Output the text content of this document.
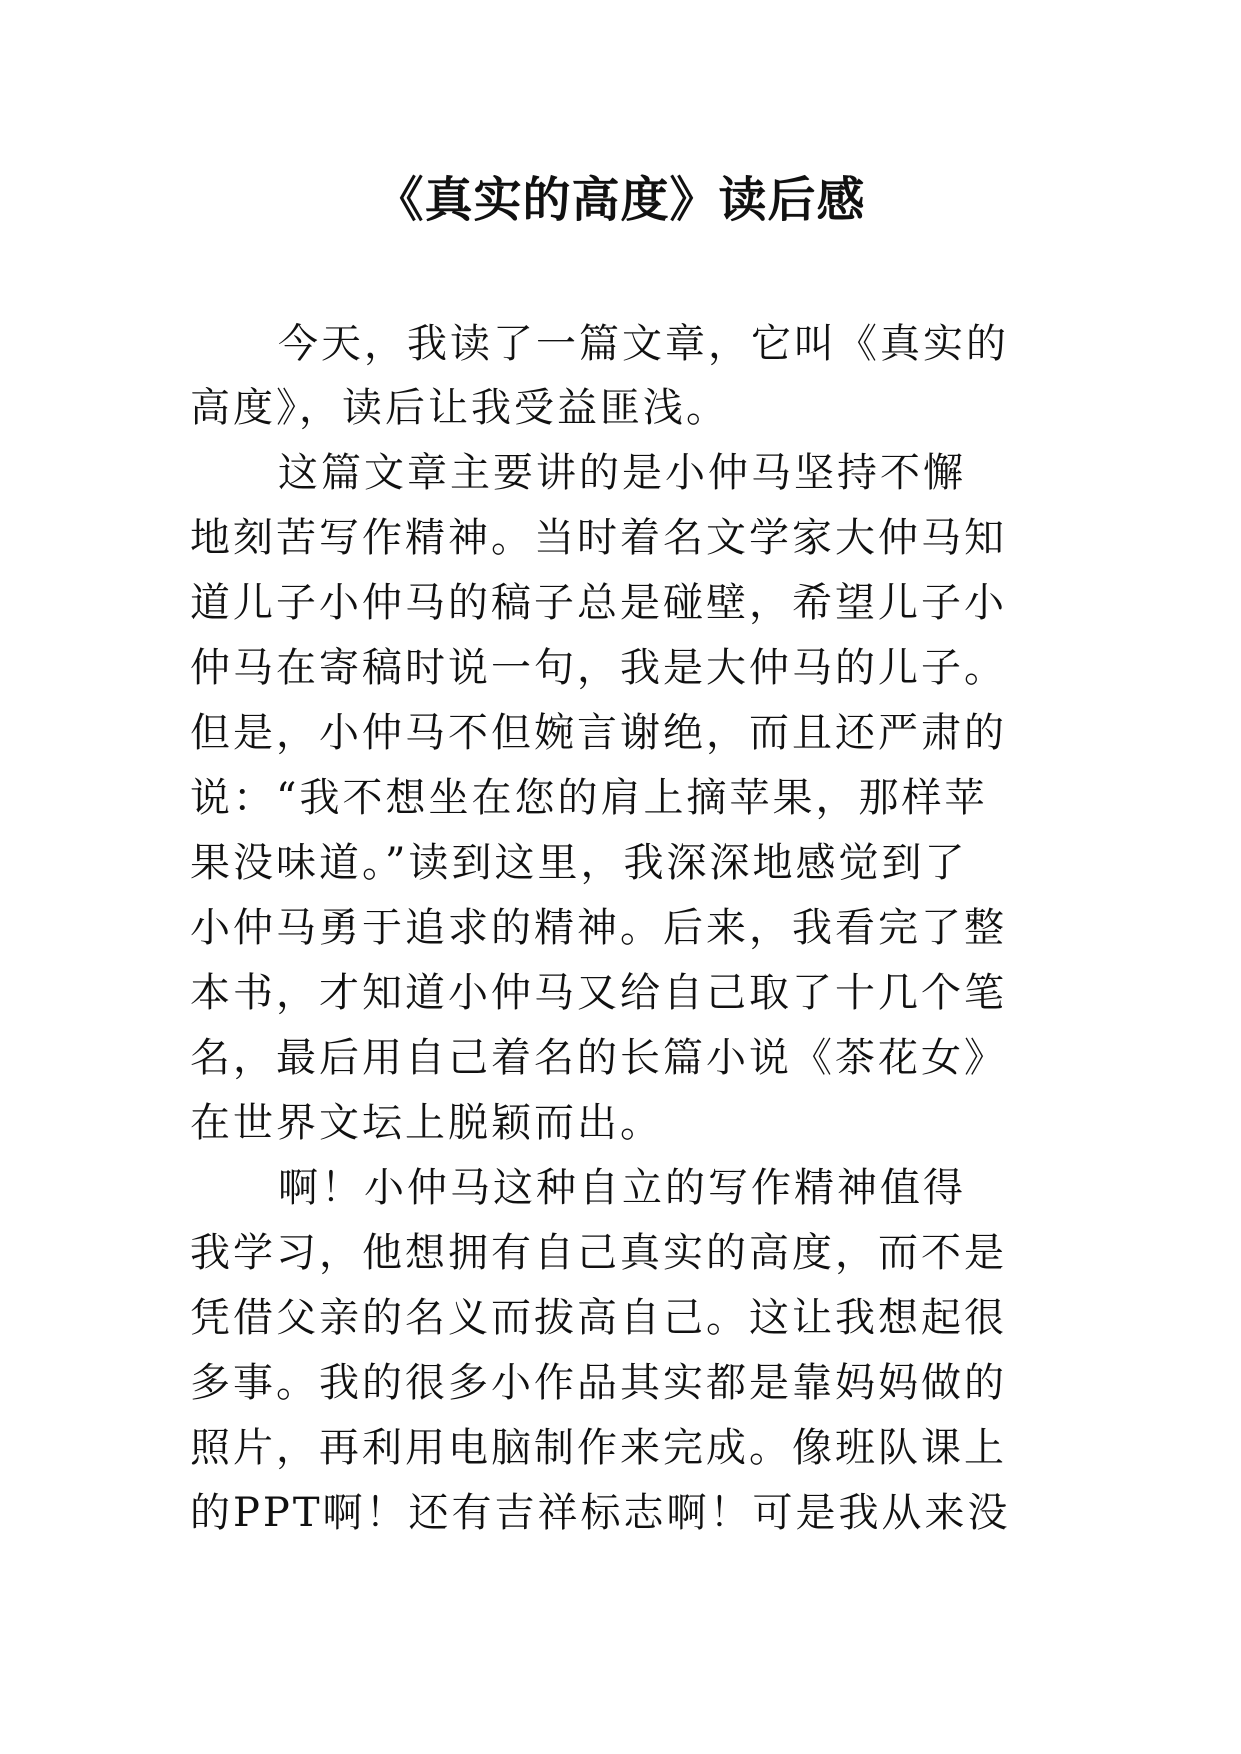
《真实的高度》读后感
今天，我读了一篇文章，它叫《真实的
高度》，读后让我受益匪浅。
这篇文章主要讲的是小仲马坚持不懈
地刻苦写作精神。当时着名文学家大仲马知
道儿子小仲马的稿子总是碰壁，希望儿子小
仲马在寄稿时说一句，我是大仲马的儿子。
但是，小仲马不但婉言谢绝，而且还严肃的
说：“我不想坐在您的肩上摘苹果，那样苹
果没味道。”读到这里，我深深地感觉到了
小仲马勇于追求的精神。后来，我看完了整
本书，才知道小仲马又给自己取了十几个笔
名，最后用自己着名的长篇小说《茶花女》
在世界文坛上脱颖而出。
啊！小仲马这种自立的写作精神值得
我学习，他想拥有自己真实的高度，而不是
凭借父亲的名义而拔高自己。这让我想起很
多事。我的很多小作品其实都是靠妈妈做的
照片，再利用电脑制作来完成。像班队课上
的PPT啊！还有吉祥标志啊！可是我从来没
